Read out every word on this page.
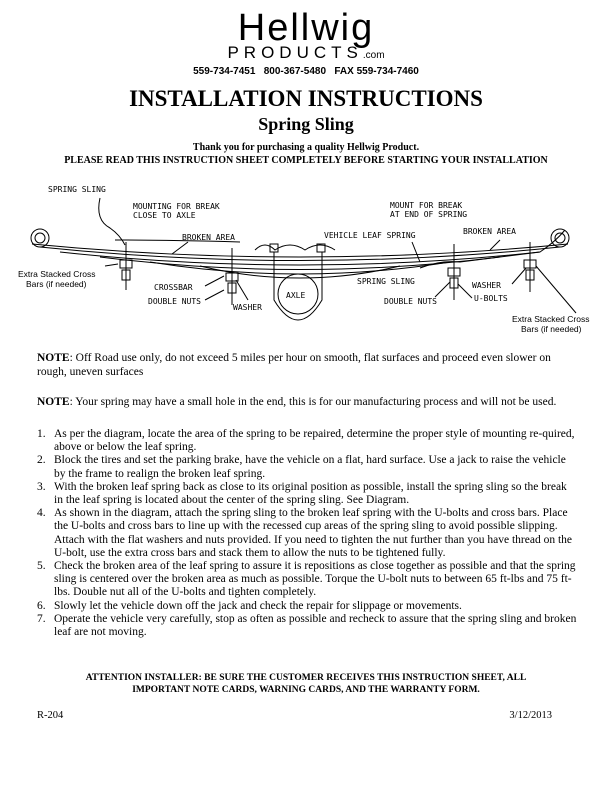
Hellwig
PRODUCTS.com
559-734-7451   800-367-5480   FAX 559-734-7460
INSTALLATION INSTRUCTIONS
Spring Sling
Thank you for purchasing a quality Hellwig Product.
PLEASE READ THIS INSTRUCTION SHEET COMPLETELY BEFORE STARTING YOUR INSTALLATION
SPRING SLING
MOUNTING FOR BREAK
CLOSE TO AXLE
MOUNT FOR BREAK
AT END OF SPRING
BROKEN AREA	VEHICLE LEAF SPRING	BROKEN AREA
Extra Stacked Cross
Bars (if needed)	CROSSBAR
DOUBLE NUTS
WASHER
AXLE
SPRING SLING
DOUBLE NUTS
WASHER
U-BOLTS
Extra Stacked Cross
Bars (if needed)
NOTE: Off Road use only, do not exceed 5 miles per hour on smooth, flat surfaces and proceed even slower on rough, uneven surfaces
NOTE: Your spring may have a small hole in the end, this is for our manufacturing process and will not be used.
1. As per the diagram, locate the area of the spring to be repaired, determine the proper style of mounting re-quired, above or below the leaf spring.
2. Block the tires and set the parking brake, have the vehicle on a flat, hard surface. Use a jack to raise the vehicle by the frame to realign the broken leaf spring.
3. With the broken leaf spring back as close to its original position as possible, install the spring sling so the break in the leaf spring is located about the center of the spring sling. See Diagram.
4. As shown in the diagram, attach the spring sling to the broken leaf spring with the U-bolts and cross bars. Place the U-bolts and cross bars to line up with the recessed cup areas of the spring sling to avoid possible slipping. Attach with the flat washers and nuts provided. If you need to tighten the nut further than you have thread on the U-bolt, use the extra cross bars and stack them to allow the nuts to be tightened fully.
5. Check the broken area of the leaf spring to assure it is repositions as close together as possible and that the spring sling is centered over the broken area as much as possible. Torque the U-bolt nuts to between 65 ft-lbs and 75 ft-lbs. Double nut all of the U-bolts and tighten completely.
6. Slowly let the vehicle down off the jack and check the repair for slippage or movements.
7. Operate the vehicle very carefully, stop as often as possible and recheck to assure that the spring sling and broken leaf are not moving.
ATTENTION INSTALLER: BE SURE THE CUSTOMER RECEIVES THIS INSTRUCTION SHEET, ALL IMPORTANT NOTE CARDS, WARNING CARDS, AND THE WARRANTY FORM.
R-204	3/12/2013
